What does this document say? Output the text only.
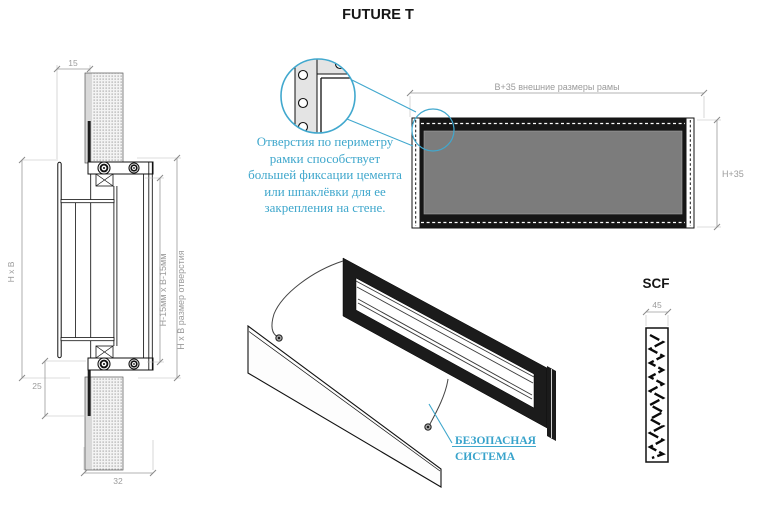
FUTURE T
15
H x B
25
32
H-15мм x B-15мм H x B размер отверстия
B+35 внешние размеры рамы
H+35
Отверстия по периметру
рамки способствует
большей фиксации цемента
или шпаклёвки для ее
закрепления на стене.
БЕЗОПАСНАЯ
СИСТЕМА
SCF
45
